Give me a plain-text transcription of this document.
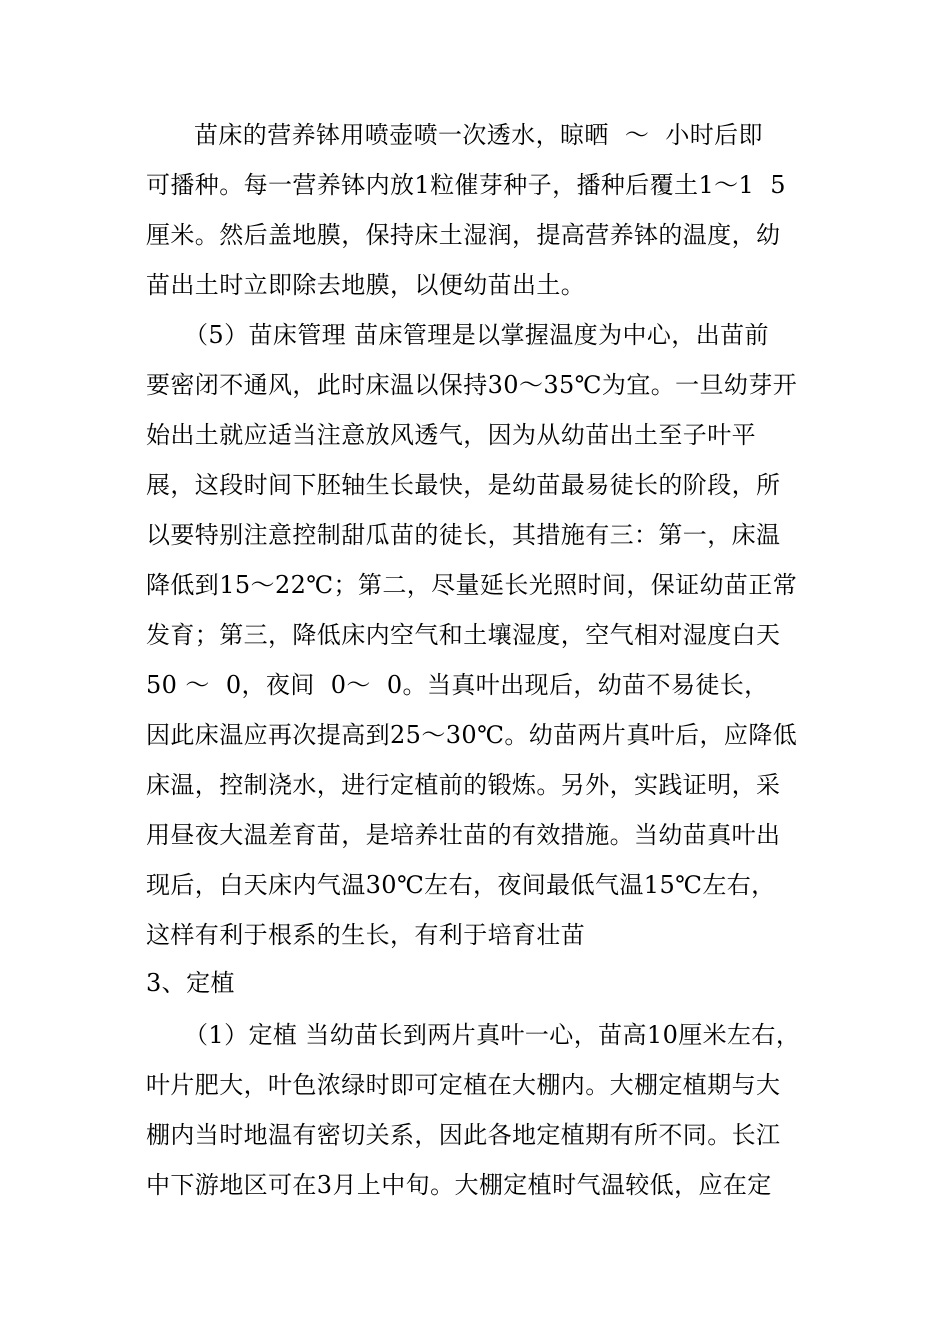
苗床的营养钵用喷壶喷一次透水，晾晒  ～  小时后即
可播种。每一营养钵内放1粒催芽种子，播种后覆土1～1  5
厘米。然后盖地膜，保持床土湿润，提高营养钵的温度，幼
苗出土时立即除去地膜，以便幼苗出土。
（5）苗床管理 苗床管理是以掌握温度为中心，出苗前
要密闭不通风，此时床温以保持30～35℃为宜。一旦幼芽开
始出土就应适当注意放风透气，因为从幼苗出土至子叶平
展，这段时间下胚轴生长最快，是幼苗最易徒长的阶段，所
以要特别注意控制甜瓜苗的徒长，其措施有三：第一，床温
降低到15～22℃；第二，尽量延长光照时间，保证幼苗正常
发育；第三，降低床内空气和土壤湿度，空气相对湿度白天
50 ～  0，夜间  0～  0。当真叶出现后，幼苗不易徒长，
因此床温应再次提高到25～30℃。幼苗两片真叶后，应降低
床温，控制浇水，进行定植前的锻炼。另外，实践证明，采
用昼夜大温差育苗，是培养壮苗的有效措施。当幼苗真叶出
现后，白天床内气温30℃左右，夜间最低气温15℃左右，
这样有利于根系的生长，有利于培育壮苗
3、定植
（1）定植 当幼苗长到两片真叶一心，苗高10厘米左右，
叶片肥大，叶色浓绿时即可定植在大棚内。大棚定植期与大
棚内当时地温有密切关系，因此各地定植期有所不同。长江
中下游地区可在3月上中旬。大棚定植时气温较低，应在定
